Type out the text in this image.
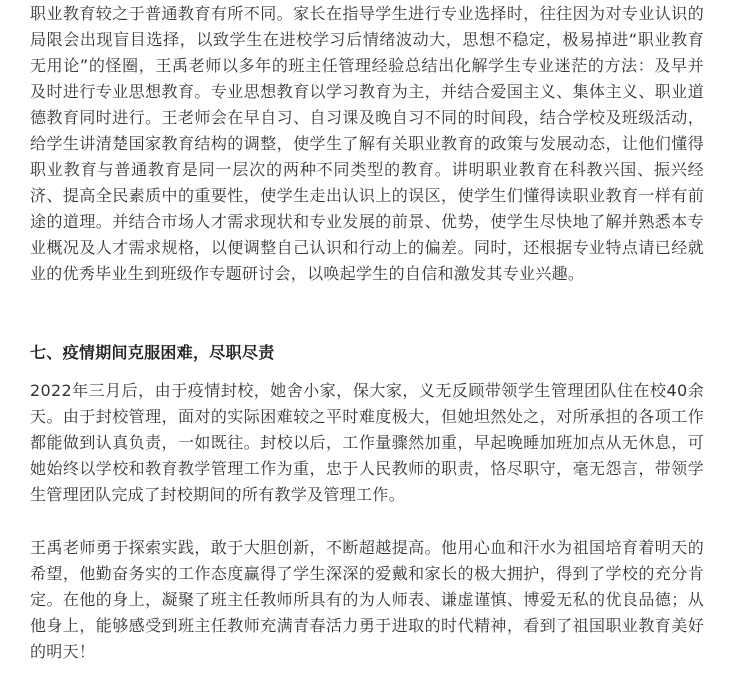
职业教育较之于普通教育有所不同。家长在指导学生进行专业选择时，往往因为对专业认识的局限会出现盲目选择，以致学生在进校学习后情绪波动大，思想不稳定，极易掉进“职业教育无用论”的怪圈，王禹老师以多年的班主任管理经验总结出化解学生专业迷茫的方法：及早并及时进行专业思想教育。专业思想教育以学习教育为主，并结合爱国主义、集体主义、职业道德教育同时进行。王老师会在早自习、自习课及晚自习不同的时间段，结合学校及班级活动，给学生讲清楚国家教育结构的调整，使学生了解有关职业教育的政策与发展动态，让他们懂得职业教育与普通教育是同一层次的两种不同类型的教育。讲明职业教育在科教兴国、振兴经济、提高全民素质中的重要性，使学生走出认识上的误区，使学生们懂得读职业教育一样有前途的道理。并结合市场人才需求现状和专业发展的前景、优势，使学生尽快地了解并熟悉本专业概况及人才需求规格，以便调整自己认识和行动上的偏差。同时，还根据专业特点请已经就业的优秀毕业生到班级作专题研讨会，以唤起学生的自信和激发其专业兴趣。

七、疫情期间克服困难，尽职尽责

2022年三月后，由于疫情封校，她舍小家，保大家，义无反顾带领学生管理团队住在校40余天。由于封校管理，面对的实际困难较之平时难度极大，但她坦然处之，对所承担的各项工作都能做到认真负责，一如既往。封校以后，工作量骤然加重，早起晚睡加班加点从无休息，可她始终以学校和教育教学管理工作为重，忠于人民教师的职责，恪尽职守，毫无怨言，带领学生管理团队完成了封校期间的所有教学及管理工作。

王禹老师勇于探索实践，敢于大胆创新，不断超越提高。他用心血和汗水为祖国培育着明天的希望，他勤奋务实的工作态度赢得了学生深深的爱戴和家长的极大拥护，得到了学校的充分肯定。在他的身上，凝聚了班主任教师所具有的为人师表、谦虚谨慎、博爱无私的优良品德；从他身上，能够感受到班主任教师充满青春活力勇于进取的时代精神，看到了祖国职业教育美好的明天！
